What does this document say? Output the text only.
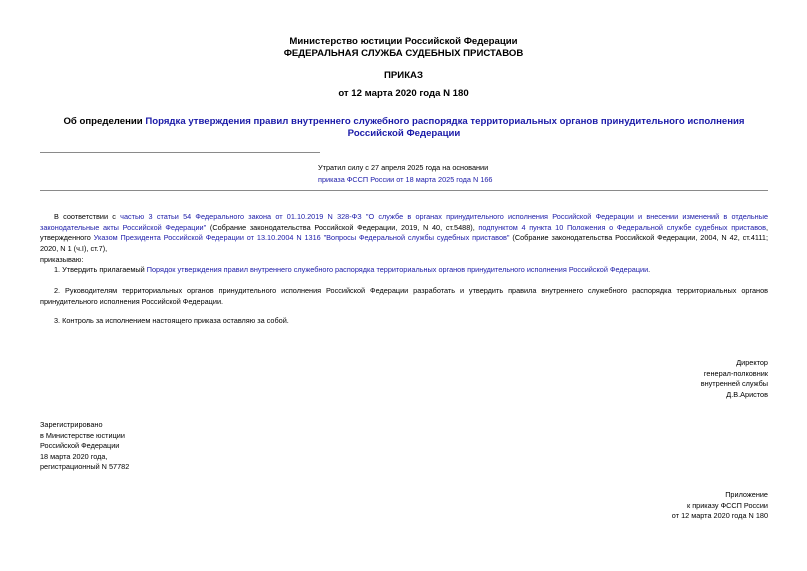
Министерство юстиции Российской Федерации
ФЕДЕРАЛЬНАЯ СЛУЖБА СУДЕБНЫХ ПРИСТАВОВ
ПРИКАЗ
от 12 марта 2020 года N 180
Об определении Порядка утверждения правил внутреннего служебного распорядка территориальных органов принудительного исполнения Российской Федерации
Утратил силу с 27 апреля 2025 года на основании
приказа ФССП России от 18 марта 2025 года N 166
В соответствии с частью 3 статьи 54 Федерального закона от 01.10.2019 N 328-ФЗ "О службе в органах принудительного исполнения Российской Федерации и внесении изменений в отдельные законодательные акты Российской Федерации" (Собрание законодательства Российской Федерации, 2019, N 40, ст.5488), подпунктом 4 пункта 10 Положения о Федеральной службе судебных приставов, утвержденного Указом Президента Российской Федерации от 13.10.2004 N 1316 "Вопросы Федеральной службы судебных приставов" (Собрание законодательства Российской Федерации, 2004, N 42, ст.4111; 2020, N 1 (ч.I), ст.7),
приказываю:
1. Утвердить прилагаемый Порядок утверждения правил внутреннего служебного распорядка территориальных органов принудительного исполнения Российской Федерации.
2. Руководителям территориальных органов принудительного исполнения Российской Федерации разработать и утвердить правила внутреннего служебного распорядка территориальных органов принудительного исполнения Российской Федерации.
3. Контроль за исполнением настоящего приказа оставляю за собой.
Директор
генерал-полковник
внутренней службы
Д.В.Аристов
Зарегистрировано
в Министерстве юстиции
Российской Федерации
18 марта 2020 года,
регистрационный N 57782
Приложение
к приказу ФССП России
от 12 марта 2020 года N 180
